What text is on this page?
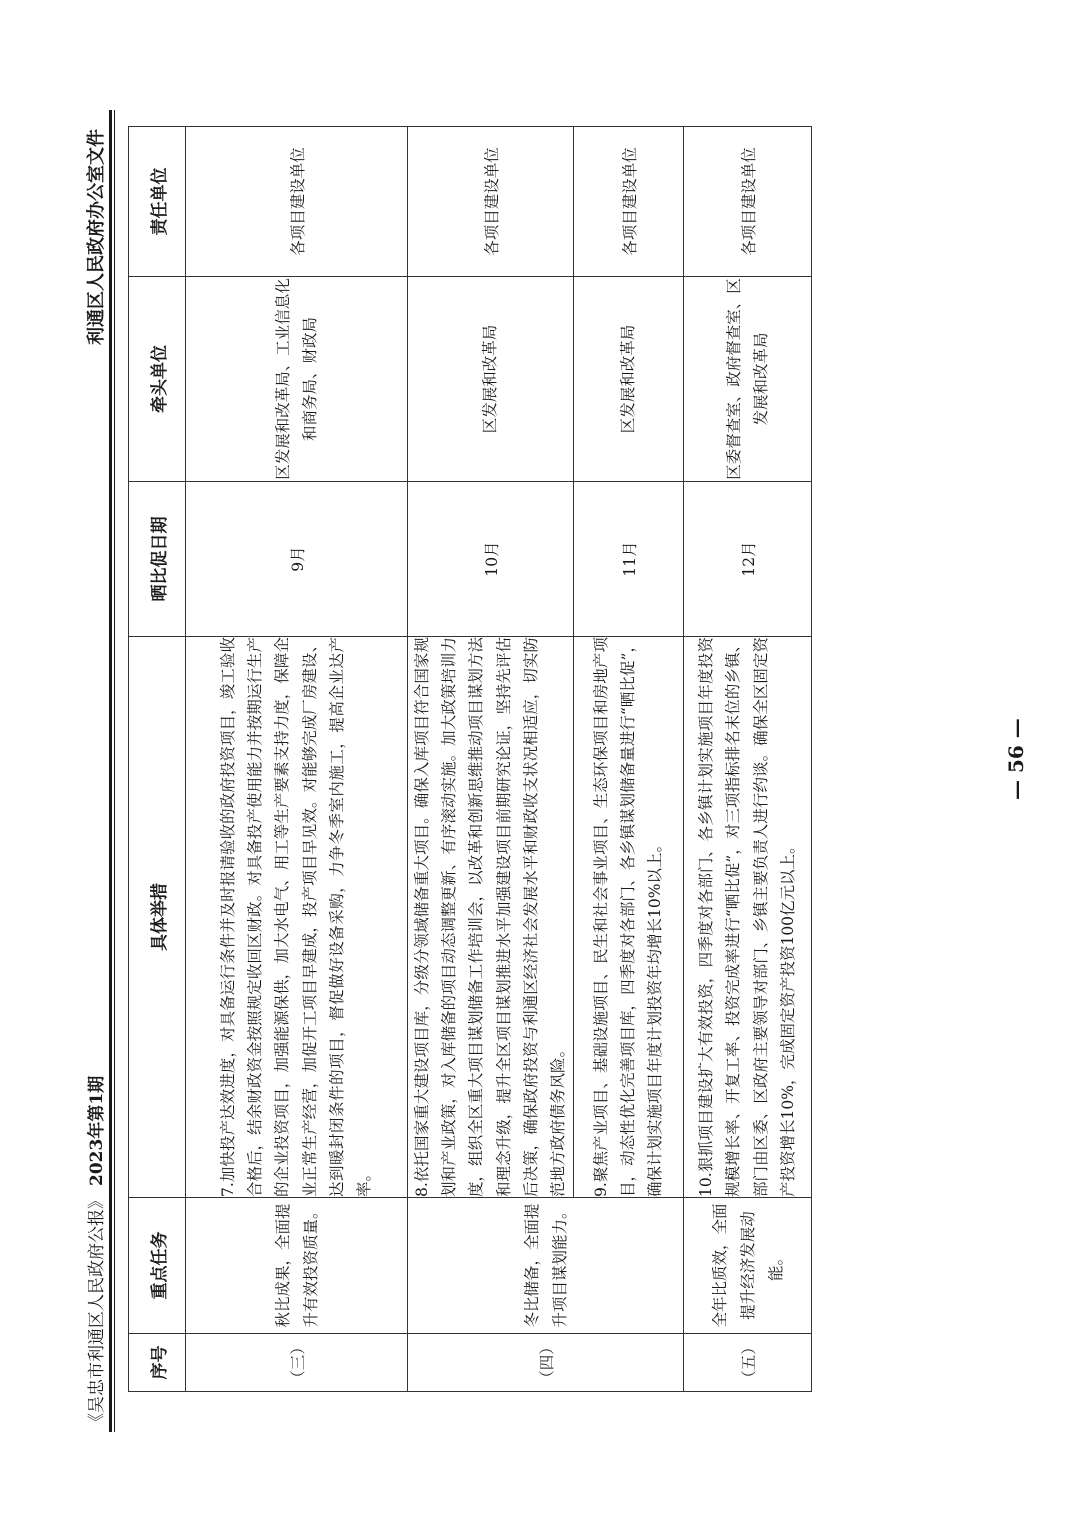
《吴忠市利通区人民政府公报》2023年第1期
利通区人民政府办公室文件
序号	重点任务	具体举措	晒比促日期	牵头单位	责任单位
（三）	秋比成果，全面提升有效投资质量。	7.加快投产达效进度，对具备运行条件并及时报请验收的政府投资项目，竣工验收合格后，结余财政资金按照规定收回区财政。对具备投产使用能力并按期运行生产的企业投资项目，加强能源保供，加大水电气、用工等生产要素支持力度，保障企业正常生产经营，加促开工项目早建成，投产项目早见效。对能够完成厂房建设、达到暖封闭条件的项目，督促做好设备采购，力争冬季室内施工，提高企业达产率。	9月	区发展和改革局、工业信息化和商务局、财政局	各项目建设单位
（四）	冬比储备，全面提升项目谋划能力。	8.依托国家重大建设项目库，分级分领域储备重大项目。确保入库项目符合国家规划和产业政策，对入库储备的项目动态调整更新、有序滚动实施。加大政策培训力度，组织全区重大项目谋划储备工作培训会，以改革和创新思维推动项目谋划方法和理念升级，提升全区项目谋划推进水平加强建设项目前期研究论证，坚持先评估后决策，确保政府投资与利通区经济社会发展水平和财政收支状况相适应，切实防范地方政府债务风险。	10月	区发展和改革局	各项目建设单位
		9.聚焦产业项目、基础设施项目、民生和社会事业项目、生态环保项目和房地产项目，动态性优化完善项目库，四季度对各部门、各乡镇谋划储备量进行“晒比促”，确保计划实施项目年度计划投资年均增长10%以上。	11月	区发展和改革局	各项目建设单位
（五）	全年比质效，全面提升经济发展动能。	10.狠抓项目建设扩大有效投资，四季度对各部门、各乡镇计划实施项目年度投资规模增长率、开复工率、投资完成率进行“晒比促”，对三项指标排名末位的乡镇、部门由区委、区政府主要领导对部门、乡镇主要负责人进行约谈。确保全区固定资产投资增长10%，完成固定资产投资100亿元以上。	12月	区委督查室、政府督查室、区发展和改革局	各项目建设单位
— 56 —
